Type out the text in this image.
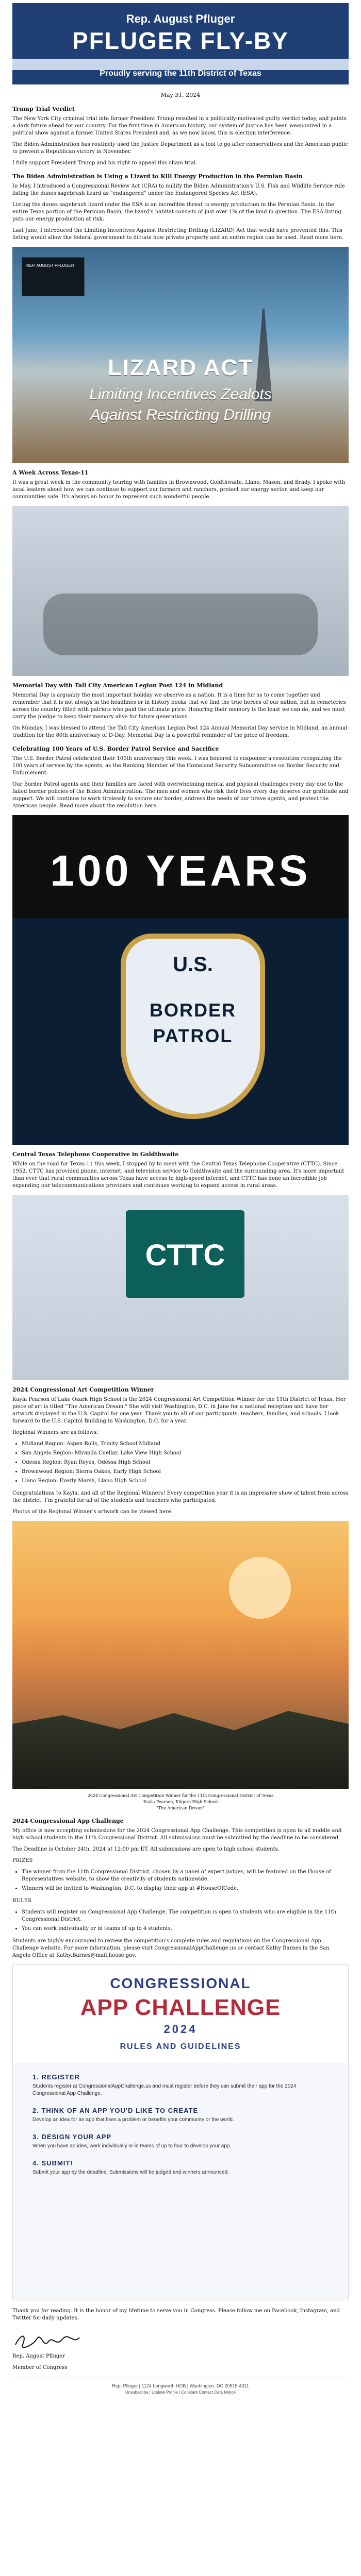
Rep. August Pfluger
PFLUGER FLY-BY
Proudly serving the 11th District of Texas
May 31, 2024
Trump Trial Verdict

The New York City criminal trial into former President Trump resulted in a politically-motivated guilty verdict today, and paints a dark future ahead for our country. For the first time in American history, our system of justice has been weaponized in a political show against a former United States President and, as we now know, this is election interference.

The Biden Administration has routinely used the Justice Department as a tool to go after conservatives and the American public to prevent a Republican victory in November.

I fully support President Trump and his right to appeal this sham trial.

The Biden Administration is Using a Lizard to Kill Energy Production in the Permian Basin

In May, I introduced a Congressional Review Act (CRA) to nullify the Biden Administration's U.S. Fish and Wildlife Service rule listing the dunes sagebrush lizard as "endangered" under the Endangered Species Act (ESA).

Listing the dunes sagebrush lizard under the ESA is an incredible threat to energy production in the Permian Basin. In the entire Texas portion of the Permian Basin, the lizard's habitat consists of just over 1% of the land in question. The ESA listing puts our energy production at risk.

Last June, I introduced the Limiting Incentives Against Restricting Drilling (LIZARD) Act that would have prevented this. This listing would allow the federal government to dictate how private property and an entire region can be used. Read more here.

REP. AUGUST PFLUGER
LIZARD ACT
Limiting Incentives Zealots
Against Restricting Drilling
A Week Across Texas-11

It was a great week in the community touring with families in Brownwood, Goldthwaite, Llano, Mason, and Brady. I spoke with local leaders about how we can continue to support our farmers and ranchers, protect our energy sector, and keep our communities safe. It's always an honor to represent such wonderful people.

Memorial Day with Tall City American Legion Post 124 in Midland

Memorial Day is arguably the most important holiday we observe as a nation. It is a time for us to come together and remember that it is not always in the headlines or in history books that we find the true heroes of our nation, but in cemeteries across the country filled with patriots who paid the ultimate price. Honoring their memory is the least we can do, and we must carry the pledge to keep their memory alive for future generations.

On Monday, I was blessed to attend the Tall City American Legion Post 124 Annual Memorial Day service in Midland, an annual tradition for the 80th anniversary of D-Day. Memorial Day is a powerful reminder of the price of freedom.

Celebrating 100 Years of U.S. Border Patrol Service and Sacrifice

The U.S. Border Patrol celebrated their 100th anniversary this week. I was honored to cosponsor a resolution recognizing the 100 years of service by the agents, as the Ranking Member of the Homeland Security Subcommittee on Border Security and Enforcement.

Our Border Patrol agents and their families are faced with overwhelming mental and physical challenges every day due to the failed border policies of the Biden Administration. The men and women who risk their lives every day deserve our gratitude and support. We will continue to work tirelessly to secure our border, address the needs of our brave agents, and protect the American people. Read more about the resolution here.

100 YEARS
U.S.
BORDER
PATROL
Central Texas Telephone Cooperative in Goldthwaite

While on the road for Texas-11 this week, I stopped by to meet with the Central Texas Telephone Cooperative (CTTC). Since 1952, CTTC has provided phone, internet, and television service to Goldthwaite and the surrounding area. It's more important than ever that rural communities across Texas have access to high-speed internet, and CTTC has done an incredible job expanding our telecommunications providers and continues working to expand access in rural areas.

CTTC
2024 Congressional Art Competition Winner

Kayla Pearson of Lake Ozark High School is the 2024 Congressional Art Competition Winner for the 11th District of Texas. Her piece of art is titled "The American Dream." She will visit Washington, D.C. in June for a national reception and have her artwork displayed in the U.S. Capitol for one year. Thank you to all of our participants, teachers, families, and schools. I look forward to the U.S. Capitol Building in Washington, D.C. for a year.

Regional Winners are as follows:

• Midland Region: Aspen Rolls, Trinity School Midland
• San Angelo Region: Miranda Cuellar, Lake View High School
• Odessa Region: Ryan Reyes, Odessa High School
• Brownwood Region: Sierra Oakes, Early High School
• Llano Region: Everly Marsh, Llano High School

Congratulations to Kayla, and all of the Regional Winners! Every competition year it is an impressive show of talent from across the district. I'm grateful for all of the students and teachers who participated.

Photos of the Regional Winner's artwork can be viewed here.

2024 Congressional Art Competition Winner for the 11th Congressional District of Texas
Kayla Pearson, Kilgore High School
"The American Dream"
2024 Congressional App Challenge

My office is now accepting submissions for the 2024 Congressional App Challenge. This competition is open to all middle and high school students in the 11th Congressional District. All submissions must be submitted by the deadline to be considered.

The Deadline is October 24th, 2024 at 12:00 pm ET. All submissions are open to high school students.

PRIZES

• The winner from the 11th Congressional District, chosen by a panel of expert judges, will be featured on the House of Representatives website, to show the creativity of students nationwide.
• Winners will be invited to Washington, D.C. to display their app at #HouseOfCode.

RULES

• Students will register on Congressional App Challenge. The competition is open to students who are eligible in the 11th Congressional District.
• You can work individually or in teams of up to 4 students.

Students are highly encouraged to review the competition's complete rules and regulations on the Congressional App Challenge website. For more information, please visit CongressionalAppChallenge.us or contact Kathy Barnes in the San Angelo Office at Kathy.Barnes@mail.house.gov.

CONGRESSIONAL
APP CHALLENGE
2024
RULES AND GUIDELINES
1. REGISTER
Students register at CongressionalAppChallenge.us and must register before they can submit their app for the 2024 Congressional App Challenge.
2. THINK OF AN APP YOU'D LIKE TO CREATE
Develop an idea for an app that fixes a problem or benefits your community or the world.
3. DESIGN YOUR APP
When you have an idea, work individually or in teams of up to four to develop your app.
4. SUBMIT!
Submit your app by the deadline. Submissions will be judged and winners announced.

Thank you for reading. It is the honor of my lifetime to serve you in Congress. Please follow me on Facebook, Instagram, and Twitter for daily updates.

Rep. August Pfluger

Member of Congress

Rep. Pfluger | 1124 Longworth HOB | Washington, DC 20515-4311
Unsubscribe | Update Profile | Constant Contact Data Notice
